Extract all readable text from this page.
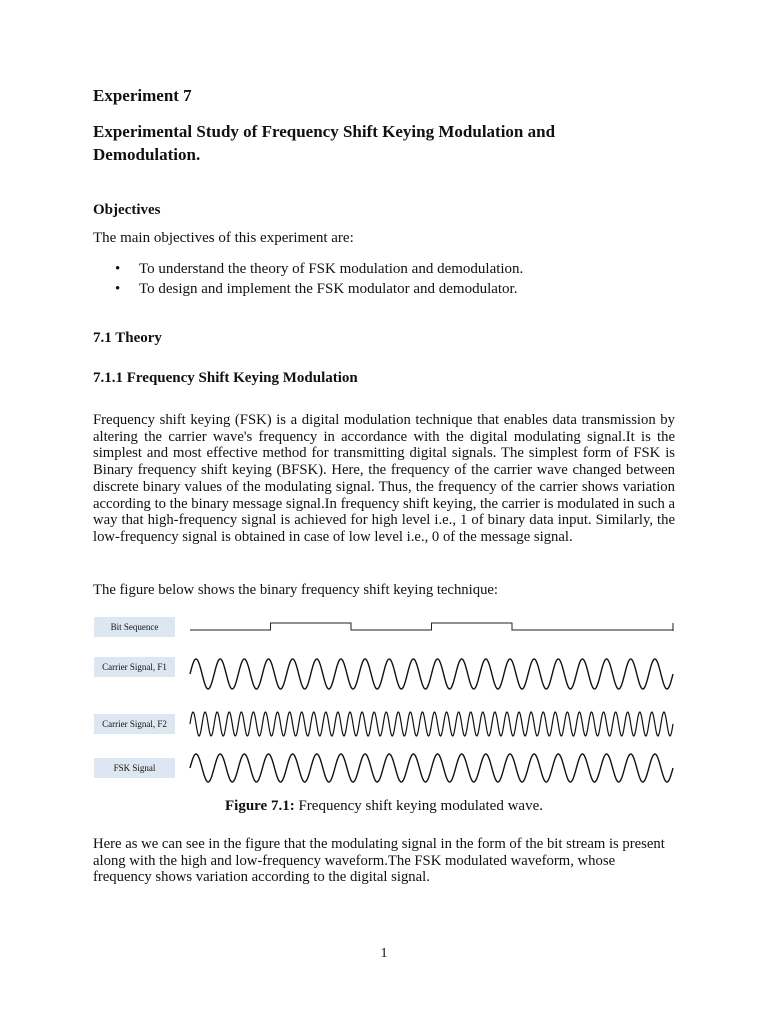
Experiment 7
Experimental Study of Frequency Shift Keying Modulation and Demodulation.
Objectives
The main objectives of this experiment are:
• To understand the theory of FSK modulation and demodulation.
• To design and implement the FSK modulator and demodulator.
7.1 Theory
7.1.1 Frequency Shift Keying Modulation

Frequency shift keying (FSK) is a digital modulation technique that enables data transmission by altering the carrier wave's frequency in accordance with the digital modulating signal.It is the simplest and most effective method for transmitting digital signals. The simplest form of FSK is Binary frequency shift keying (BFSK). Here, the frequency of the carrier wave changed between discrete binary values of the modulating signal. Thus, the frequency of the carrier shows variation according to the binary message signal.In frequency shift keying, the carrier is modulated in such a way that high-frequency signal is achieved for high level i.e., 1 of binary data input. Similarly, the low-frequency signal is obtained in case of low level i.e., 0 of the message signal.

The figure below shows the binary frequency shift keying technique:
Bit Sequence
Carrier Signal, F1
Carrier Signal, F2
FSK Signal
Figure 7.1: Frequency shift keying modulated wave.

Here as we can see in the figure that the modulating signal in the form of the bit stream is present along with the high and low-frequency waveform.The FSK modulated waveform, whose frequency shows variation according to the digital signal.

1
